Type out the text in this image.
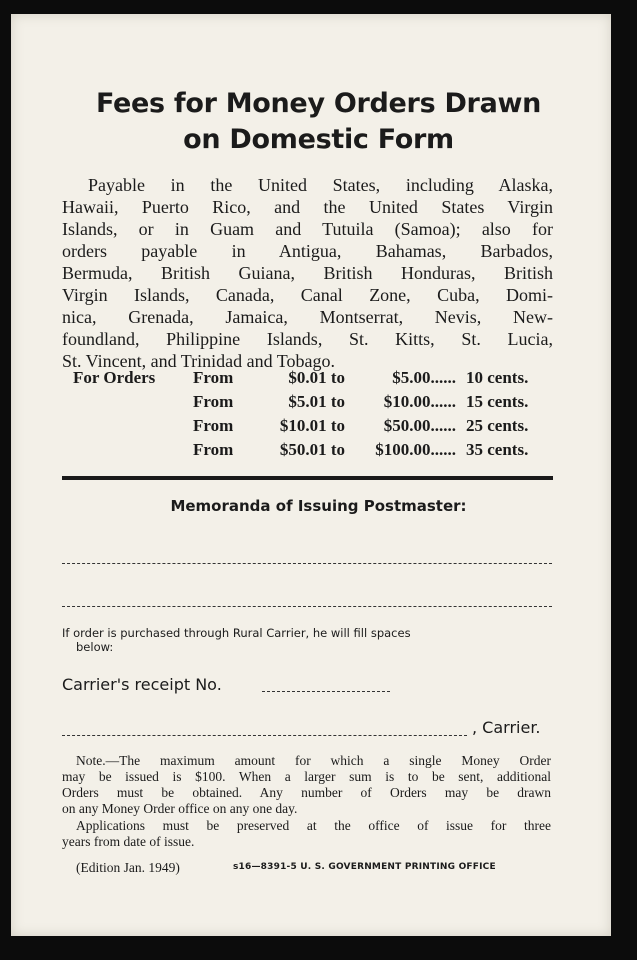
Fees for Money Orders Drawn
on Domestic Form
Payable in the United States, including Alaska,
Hawaii, Puerto Rico, and the United States Virgin
Islands, or in Guam and Tutuila (Samoa); also for
orders payable in Antigua, Bahamas, Barbados,
Bermuda, British Guiana, British Honduras, British
Virgin Islands, Canada, Canal Zone, Cuba, Domi-
nica, Grenada, Jamaica, Montserrat, Nevis, New-
foundland, Philippine Islands, St. Kitts, St. Lucia,
St. Vincent, and Trinidad and Tobago.
For Orders From	$0.01 to	$5.00...... 10 cents.
From	$5.01 to	$10.00...... 15 cents.
From	$10.01 to	$50.00...... 25 cents.
From	$50.01 to	$100.00...... 35 cents.
Memoranda of Issuing Postmaster:
If order is purchased through Rural Carrier, he will fill spaces
below:
Carrier's receipt No.
, Carrier.
Note.—The maximum amount for which a single Money Order
may be issued is $100. When a larger sum is to be sent, additional
Orders must be obtained. Any number of Orders may be drawn
on any Money Order office on any one day.
Applications must be preserved at the office of issue for three
years from date of issue.
(Edition Jan. 1949)	s16—8391-5 U. S. GOVERNMENT PRINTING OFFICE
